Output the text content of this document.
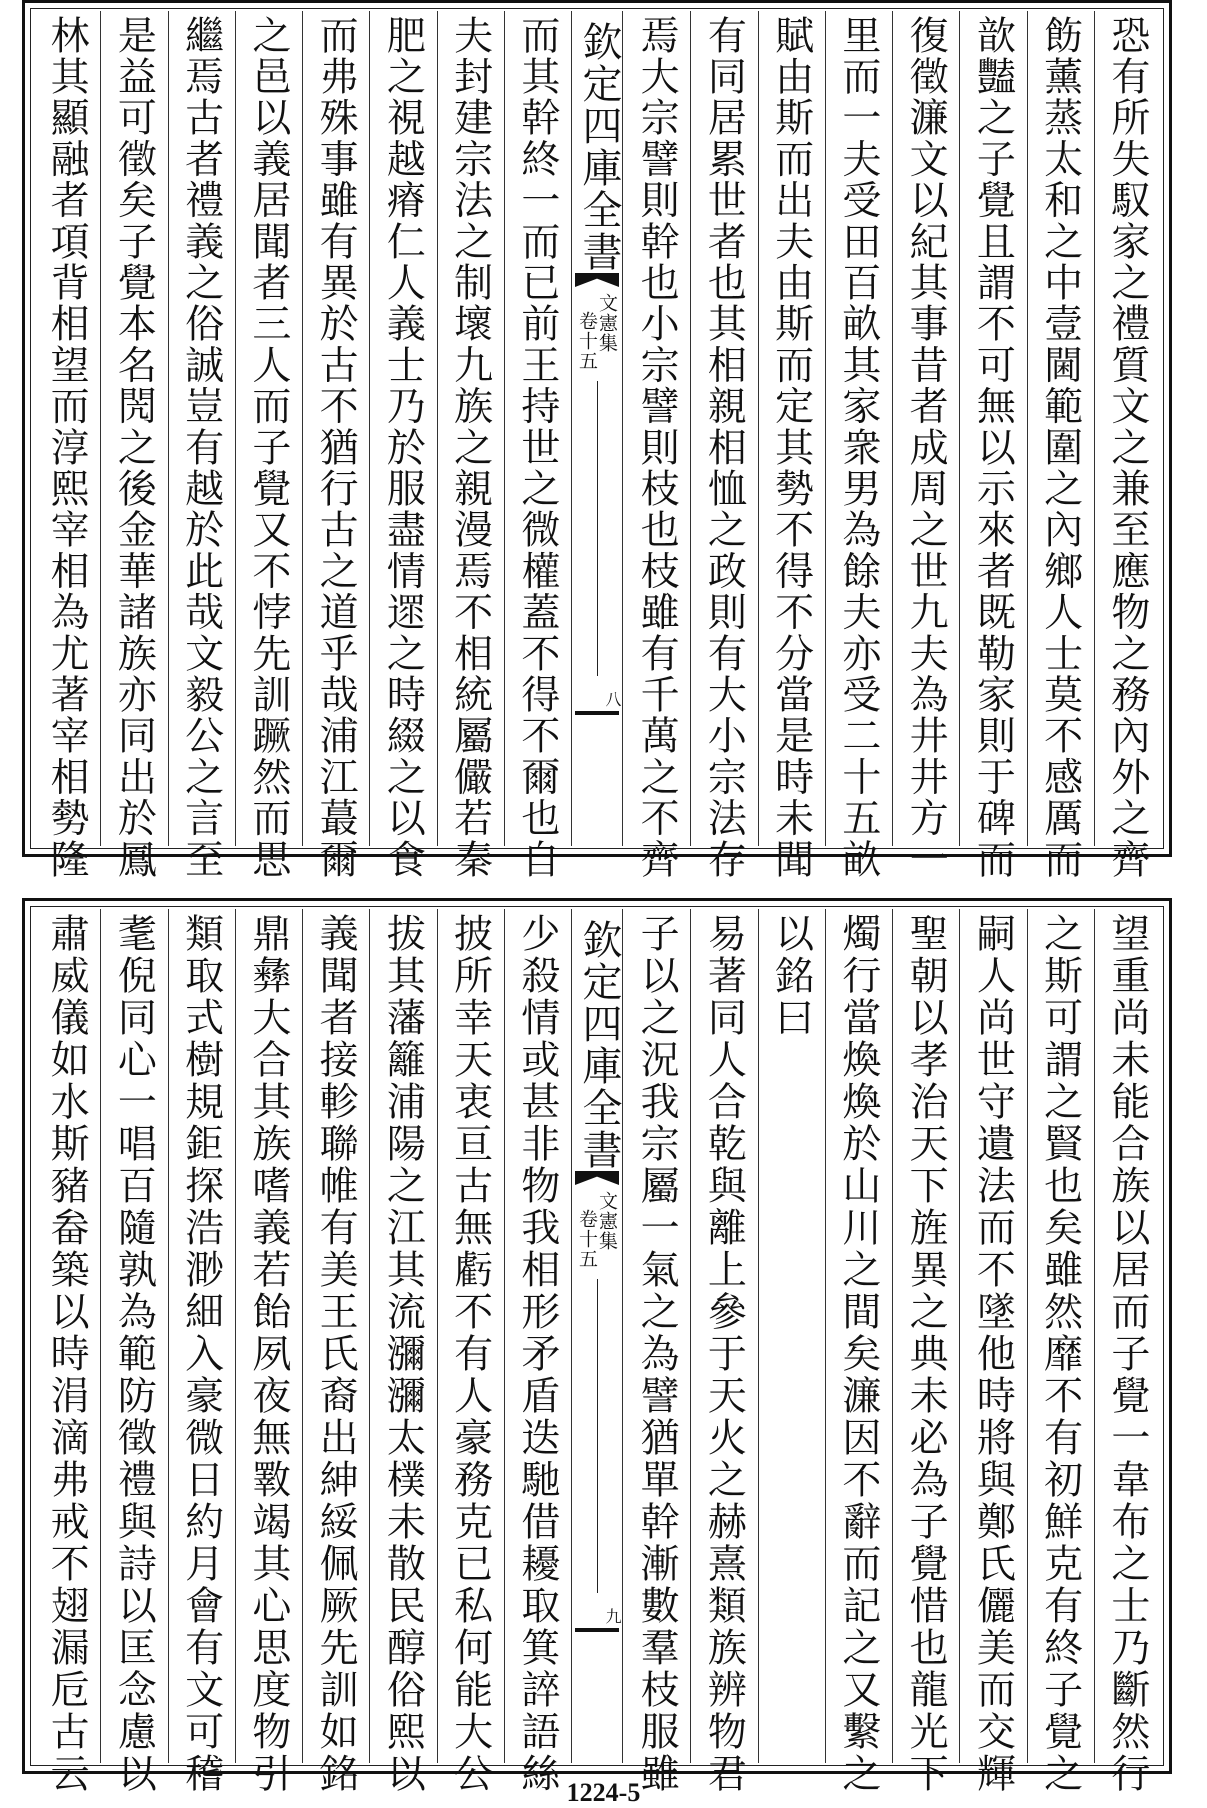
恐有所失馭家之禮質文之兼至應物之務內外之齊
飭薰蒸太和之中壹閫範圍之內鄉人士莫不感厲而
歆豔之子覺且謂不可無以示來者既勒家則于碑而
復徵濂文以紀其事昔者成周之世九夫為井井方一
里而一夫受田百畝其家衆男為餘夫亦受二十五畝
賦由斯而出夫由斯而定其勢不得不分當是時未聞
有同居累世者也其相親相恤之政則有大小宗法存
焉大宗譬則幹也小宗譬則枝也枝雖有千萬之不齊
而其幹終一而已前王持世之微權蓋不得不爾也自
夫封建宗法之制壞九族之親漫焉不相統屬儼若秦
肥之視越瘠仁人義士乃於服盡情遝之時綴之以食
而弗殊事雖有異於古不猶行古之道乎哉浦江蕞爾
之邑以義居聞者三人而子覺又不悖先訓蹶然而思
繼焉古者禮義之俗誠豈有越於此哉文毅公之言至
是益可徵矣子覺本名閌之後金華諸族亦同出於鳳
林其顯融者項背相望而淳熙宰相為尤著宰相勢隆	欽定四庫全書
文憲集
卷十五
八
望重尚未能合族以居而子覺一韋布之士乃斷然行
之斯可謂之賢也矣雖然靡不有初鮮克有終子覺之
嗣人尚世守遺法而不墜他時將與鄭氏儷美而交輝
聖朝以孝治天下旌異之典未必為子覺惜也龍光下
燭行當煥煥於山川之間矣濂因不辭而記之又繫之
以銘曰
易著同人合乾與離上參于天火之赫熹類族辨物君
子以之況我宗屬一氣之為譬猶單幹漸數羣枝服雖
少殺情或甚非物我相形矛盾迭馳借耰取箕誶語絲
披所幸天衷亘古無虧不有人豪務克已私何能大公
拔其藩籬浦陽之江其流瀰瀰太樸未散民醇俗熙以
義聞者接軫聯帷有美王氏裔出紳綏佩厥先訓如銘
鼎彝大合其族嗜義若飴夙夜無斁竭其心思度物引
類取式樹規鉅探浩渺細入豪微日約月會有文可稽
耄倪同心一唱百隨孰為範防徵禮與詩以匡念慮以
肅威儀如水斯豬畚築以時涓滴弗戒不翅漏卮古云	欽定四庫全書
文憲集
卷十五
九
1224-5
